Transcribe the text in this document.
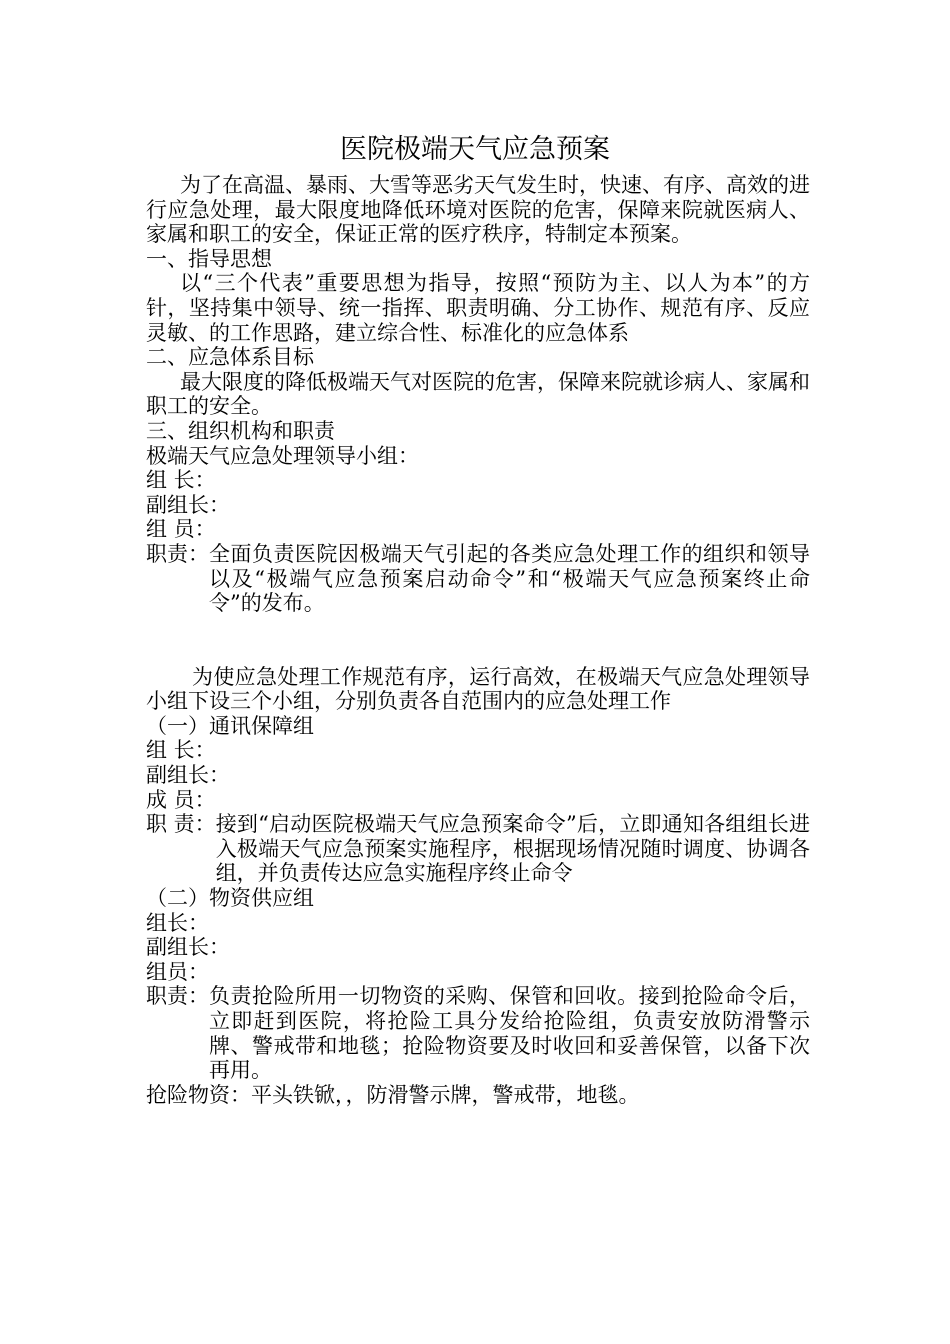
医院极端天气应急预案

为了在高温、暴雨、大雪等恶劣天气发生时，快速、有序、高效的进行应急处理，最大限度地降低环境对医院的危害，保障来院就医病人、家属和职工的安全，保证正常的医疗秩序，特制定本预案。

一、指导思想

以“三个代表”重要思想为指导，按照“预防为主、以人为本”的方针，坚持集中领导、统一指挥、职责明确、分工协作、规范有序、反应灵敏、的工作思路，建立综合性、标准化的应急体系

二、应急体系目标

最大限度的降低极端天气对医院的危害，保障来院就诊病人、家属和职工的安全。

三、组织机构和职责

极端天气应急处理领导小组：

组 长：

副组长：

组 员：

职责： 全面负责医院因极端天气引起的各类应急处理工作的组织和领导以及“极端气应急预案启动命令”和“极端天气应急预案终止命令”的发布。

为使应急处理工作规范有序，运行高效，在极端天气应急处理领导小组下设三个小组，分别负责各自范围内的应急处理工作

（一）通讯保障组

组 长：

副组长：

成 员：

职 责： 接到“启动医院极端天气应急预案命令”后，立即通知各组组长进入极端天气应急预案实施程序，根据现场情况随时调度、协调各组，并负责传达应急实施程序终止命令

（二）物资供应组

组长：

副组长：

组员：

职责： 负责抢险所用一切物资的采购、保管和回收。接到抢险命令后，立即赶到医院，将抢险工具分发给抢险组，负责安放防滑警示牌、警戒带和地毯；抢险物资要及时收回和妥善保管，以备下次再用。

抢险物资：平头铁锨，，防滑警示牌，警戒带，地毯。
